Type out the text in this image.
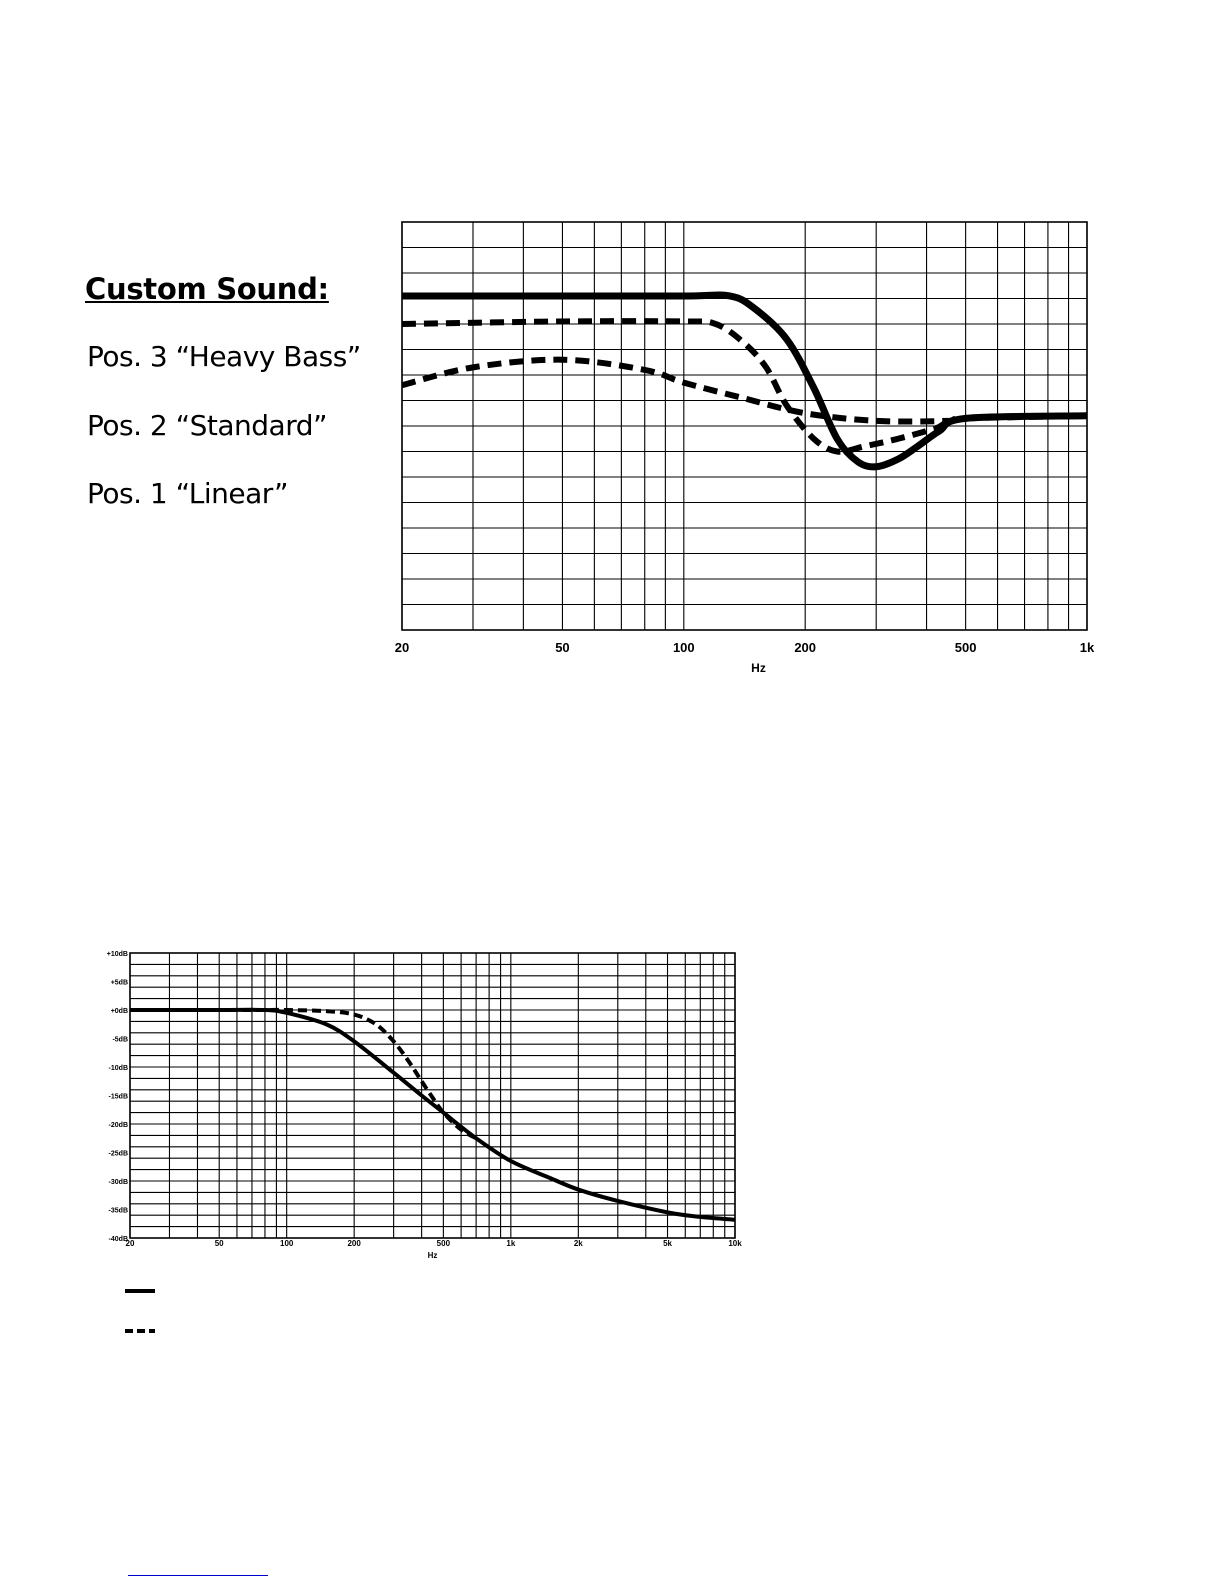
Custom Sound:
Pos. 3 “Heavy Bass”
Pos. 2 “Standard”
Pos. 1 “Linear”
20	50	100	200	500	1k
Hz
20	50	100	200	500	1k	2k	5k	10k
+10dB
+5dB
+0dB
-5dB
-10dB
-15dB
-20dB
-25dB
-30dB
-35dB
-40dB
Hz
